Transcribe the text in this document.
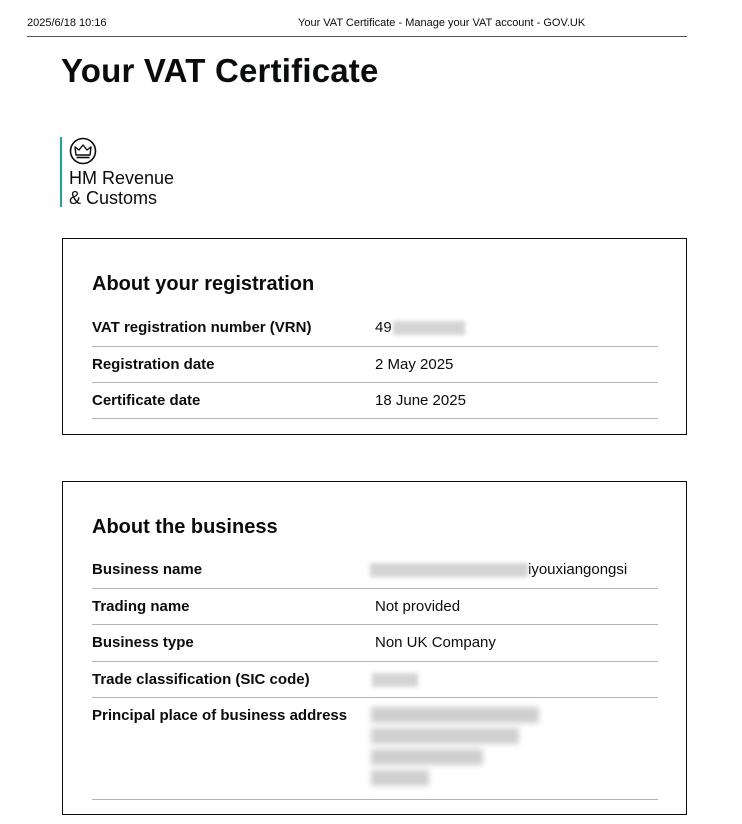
2025/6/18 10:16	Your VAT Certificate - Manage your VAT account - GOV.UK
Your VAT Certificate
HM Revenue
& Customs
About your registration
VAT registration number (VRN)	49
Registration date	2 May 2025
Certificate date	18 June 2025
About the business
Business name	iyouxiangongsi
Trading name	Not provided
Business type	Non UK Company
Trade classification (SIC code)
Principal place of business address
